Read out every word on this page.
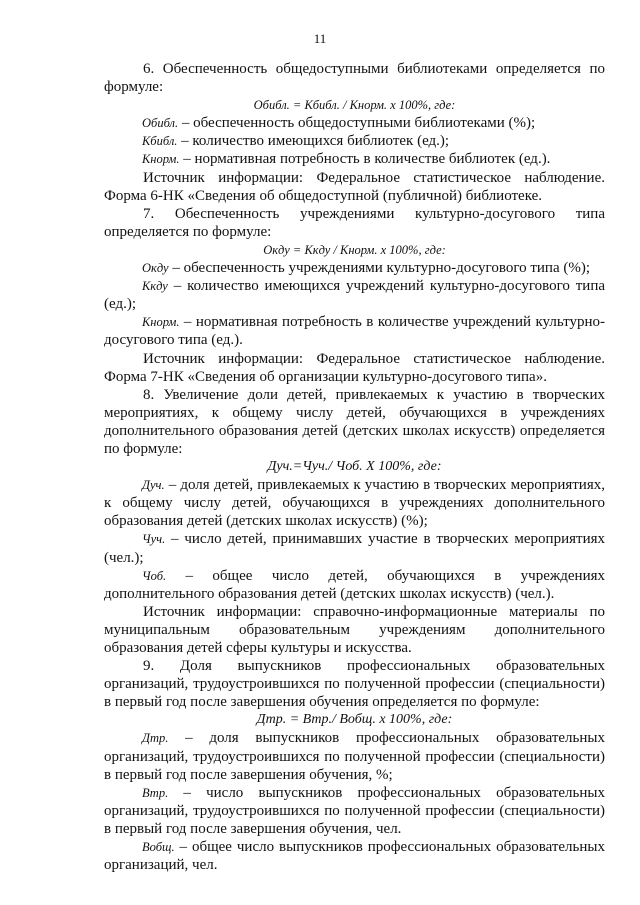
11

6. Обеспеченность общедоступными библиотеками определяется по формуле:

Обибл. = Кбибл. / Кнорм. х 100%, где:

Обибл. – обеспеченность общедоступными библиотеками (%);

Кбибл. – количество имеющихся библиотек (ед.);

Кнорм. – нормативная потребность в количестве библиотек (ед.).

Источник информации: Федеральное статистическое наблюдение. Форма 6-НК «Сведения об общедоступной (публичной) библиотеке.

7. Обеспеченность учреждениями культурно-досугового типа определяется по формуле:

Окду = Ккду / Кнорм. х 100%, где:

Окду – обеспеченность учреждениями культурно-досугового типа (%);

Ккду – количество имеющихся учреждений культурно-досугового типа (ед.);

Кнорм. – нормативная потребность в количестве учреждений культурно-досугового типа (ед.).

Источник информации: Федеральное статистическое наблюдение. Форма 7-НК «Сведения об организации культурно-досугового типа».

8. Увеличение доли детей, привлекаемых к участию в творческих мероприятиях, к общему числу детей, обучающихся в учреждениях дополнительного образования детей (детских школах искусств) определяется по формуле:

Дуч.=Чуч./ Чоб. Х 100%, где:

Дуч. – доля детей, привлекаемых к участию в творческих мероприятиях, к общему числу детей, обучающихся в учреждениях дополнительного образования детей (детских школах искусств) (%);

Чуч. – число детей, принимавших участие в творческих мероприятиях (чел.);

Чоб. – общее число детей, обучающихся в учреждениях дополнительного образования детей (детских школах искусств) (чел.).

Источник информации: справочно-информационные материалы по муниципальным образовательным учреждениям дополнительного образования детей сферы культуры и искусства.

9. Доля выпускников профессиональных образовательных организаций, трудоустроившихся по полученной профессии (специальности) в первый год после завершения обучения определяется по формуле:

Дтр. = Втр./ Вобщ. х 100%, где:

Дтр. – доля выпускников профессиональных образовательных организаций, трудоустроившихся по полученной профессии (специальности) в первый год после завершения обучения, %;

Втр. – число выпускников профессиональных образовательных организаций, трудоустроившихся по полученной профессии (специальности) в первый год после завершения обучения, чел.

Вобщ. – общее число выпускников профессиональных образовательных организаций, чел.
